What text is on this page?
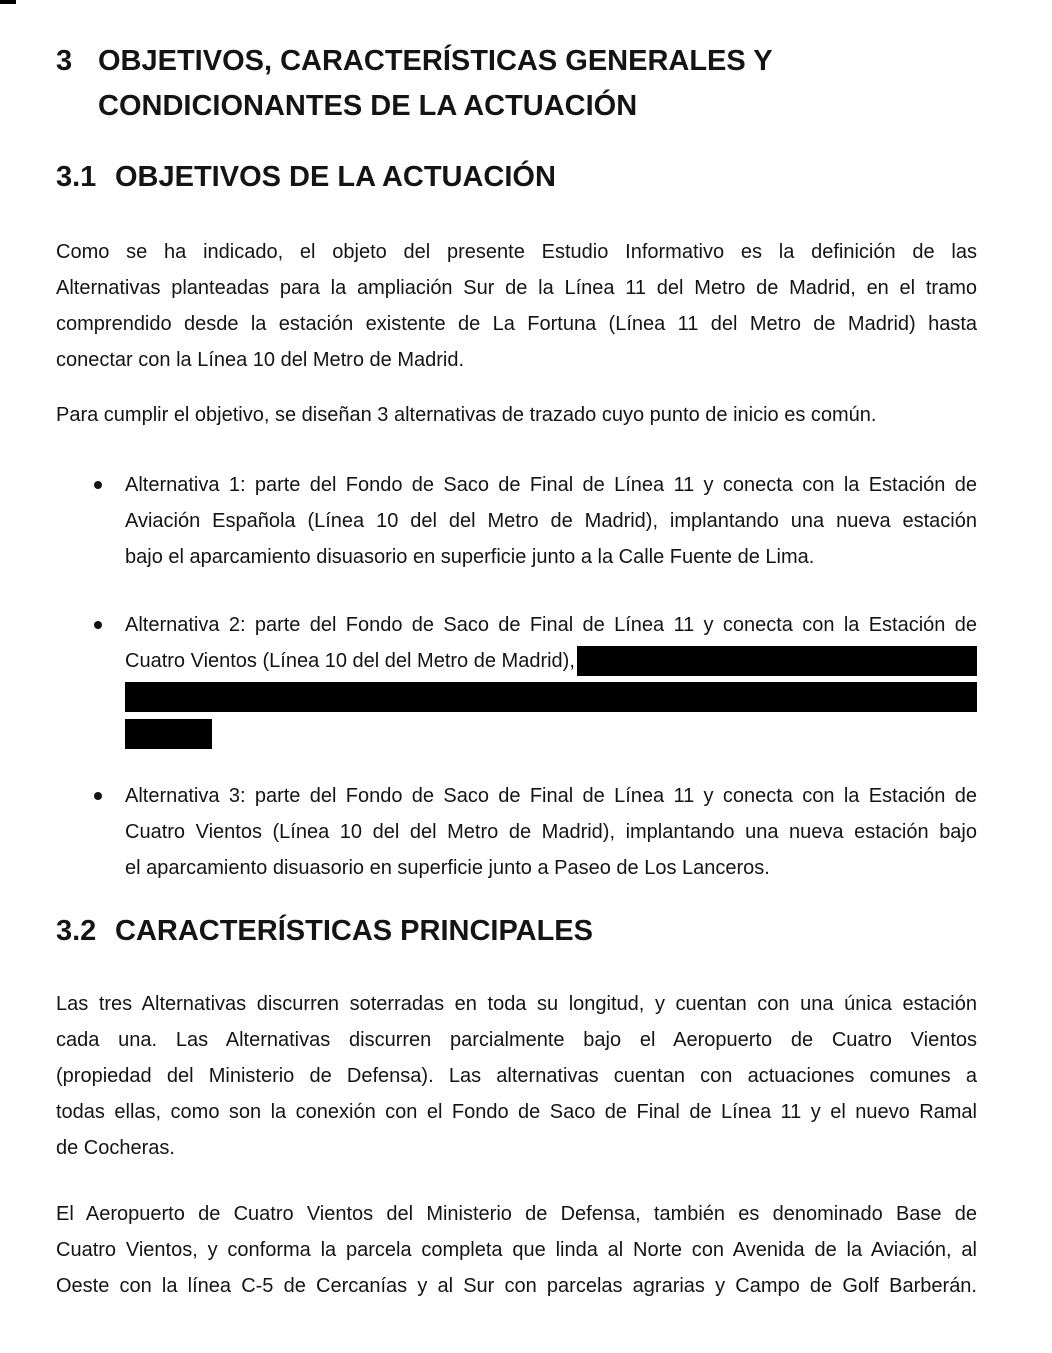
3 OBJETIVOS, CARACTERÍSTICAS GENERALES Y
CONDICIONANTES DE LA ACTUACIÓN
3.1 OBJETIVOS DE LA ACTUACIÓN
Como se ha indicado, el objeto del presente Estudio Informativo es la definición de las
Alternativas planteadas para la ampliación Sur de la Línea 11 del Metro de Madrid, en el tramo
comprendido desde la estación existente de La Fortuna (Línea 11 del Metro de Madrid) hasta
conectar con la Línea 10 del Metro de Madrid.
Para cumplir el objetivo, se diseñan 3 alternativas de trazado cuyo punto de inicio es común.
Alternativa 1: parte del Fondo de Saco de Final de Línea 11 y conecta con la Estación de
Aviación Española (Línea 10 del del Metro de Madrid), implantando una nueva estación
bajo el aparcamiento disuasorio en superficie junto a la Calle Fuente de Lima.
Alternativa 2: parte del Fondo de Saco de Final de Línea 11 y conecta con la Estación de
Cuatro Vientos (Línea 10 del del Metro de Madrid),
Alternativa 3: parte del Fondo de Saco de Final de Línea 11 y conecta con la Estación de
Cuatro Vientos (Línea 10 del del Metro de Madrid), implantando una nueva estación bajo
el aparcamiento disuasorio en superficie junto a Paseo de Los Lanceros.
3.2 CARACTERÍSTICAS PRINCIPALES
Las tres Alternativas discurren soterradas en toda su longitud, y cuentan con una única estación
cada una. Las Alternativas discurren parcialmente bajo el Aeropuerto de Cuatro Vientos
(propiedad del Ministerio de Defensa). Las alternativas cuentan con actuaciones comunes a
todas ellas, como son la conexión con el Fondo de Saco de Final de Línea 11 y el nuevo Ramal
de Cocheras.
El Aeropuerto de Cuatro Vientos del Ministerio de Defensa, también es denominado Base de
Cuatro Vientos, y conforma la parcela completa que linda al Norte con Avenida de la Aviación, al
Oeste con la línea C-5 de Cercanías y al Sur con parcelas agrarias y Campo de Golf Barberán.
